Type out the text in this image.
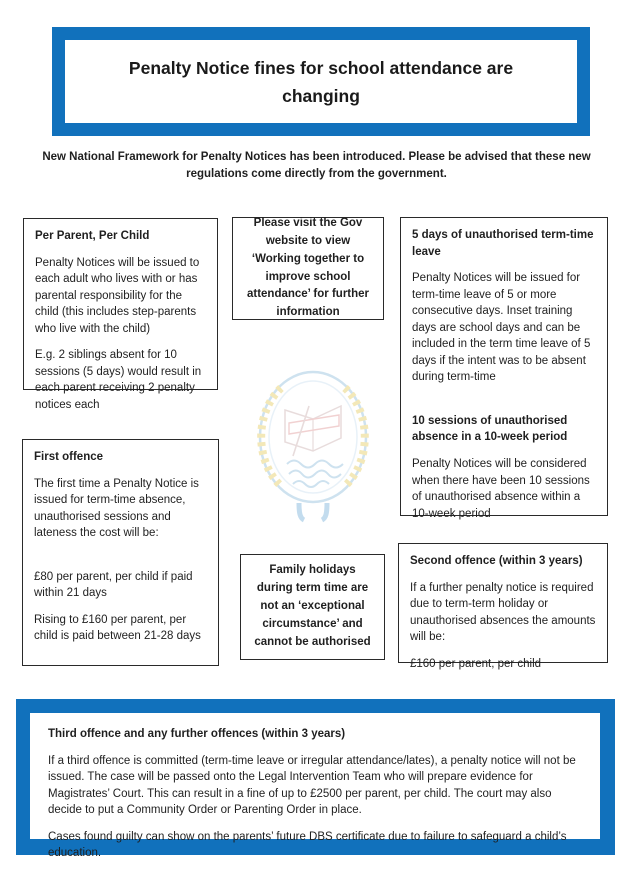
Penalty Notice fines for school attendance are changing

New National Framework for Penalty Notices has been introduced. Please be advised that these new regulations come directly from the government.

Per Parent, Per Child

Penalty Notices will be issued to each adult who lives with or has parental responsibility for the child (this includes step-parents who live with the child)

E.g. 2 siblings absent for 10 sessions (5 days) would result in each parent receiving 2 penalty notices each

Please visit the Gov website to view ‘Working together to improve school attendance’ for further information

5 days of unauthorised term-time leave

Penalty Notices will be issued for term-time leave of 5 or more consecutive days. Inset training days are school days and can be included in the term time leave of 5 days if the intent was to be absent during term-time

10 sessions of unauthorised absence in a 10-week period

Penalty Notices will be considered when there have been 10 sessions of unauthorised absence within a 10-week period

First offence

The first time a Penalty Notice is issued for term-time absence, unauthorised sessions and lateness the cost will be:

£80 per parent, per child if paid within 21 days

Rising to £160 per parent, per child is paid between 21-28 days

Family holidays during term time are not an ‘exceptional circumstance’ and cannot be authorised

Second offence (within 3 years)

If a further penalty notice is required due to term-term holiday or unauthorised absences the amounts will be:

£160 per parent, per child

Third offence and any further offences (within 3 years)

If a third offence is committed (term-time leave or irregular attendance/lates), a penalty notice will not be issued. The case will be passed onto the Legal Intervention Team who will prepare evidence for Magistrates’ Court. This can result in a fine of up to £2500 per parent, per child. The court may also decide to put a Community Order or Parenting Order in place.

Cases found guilty can show on the parents’ future DBS certificate due to failure to safeguard a child’s education.
